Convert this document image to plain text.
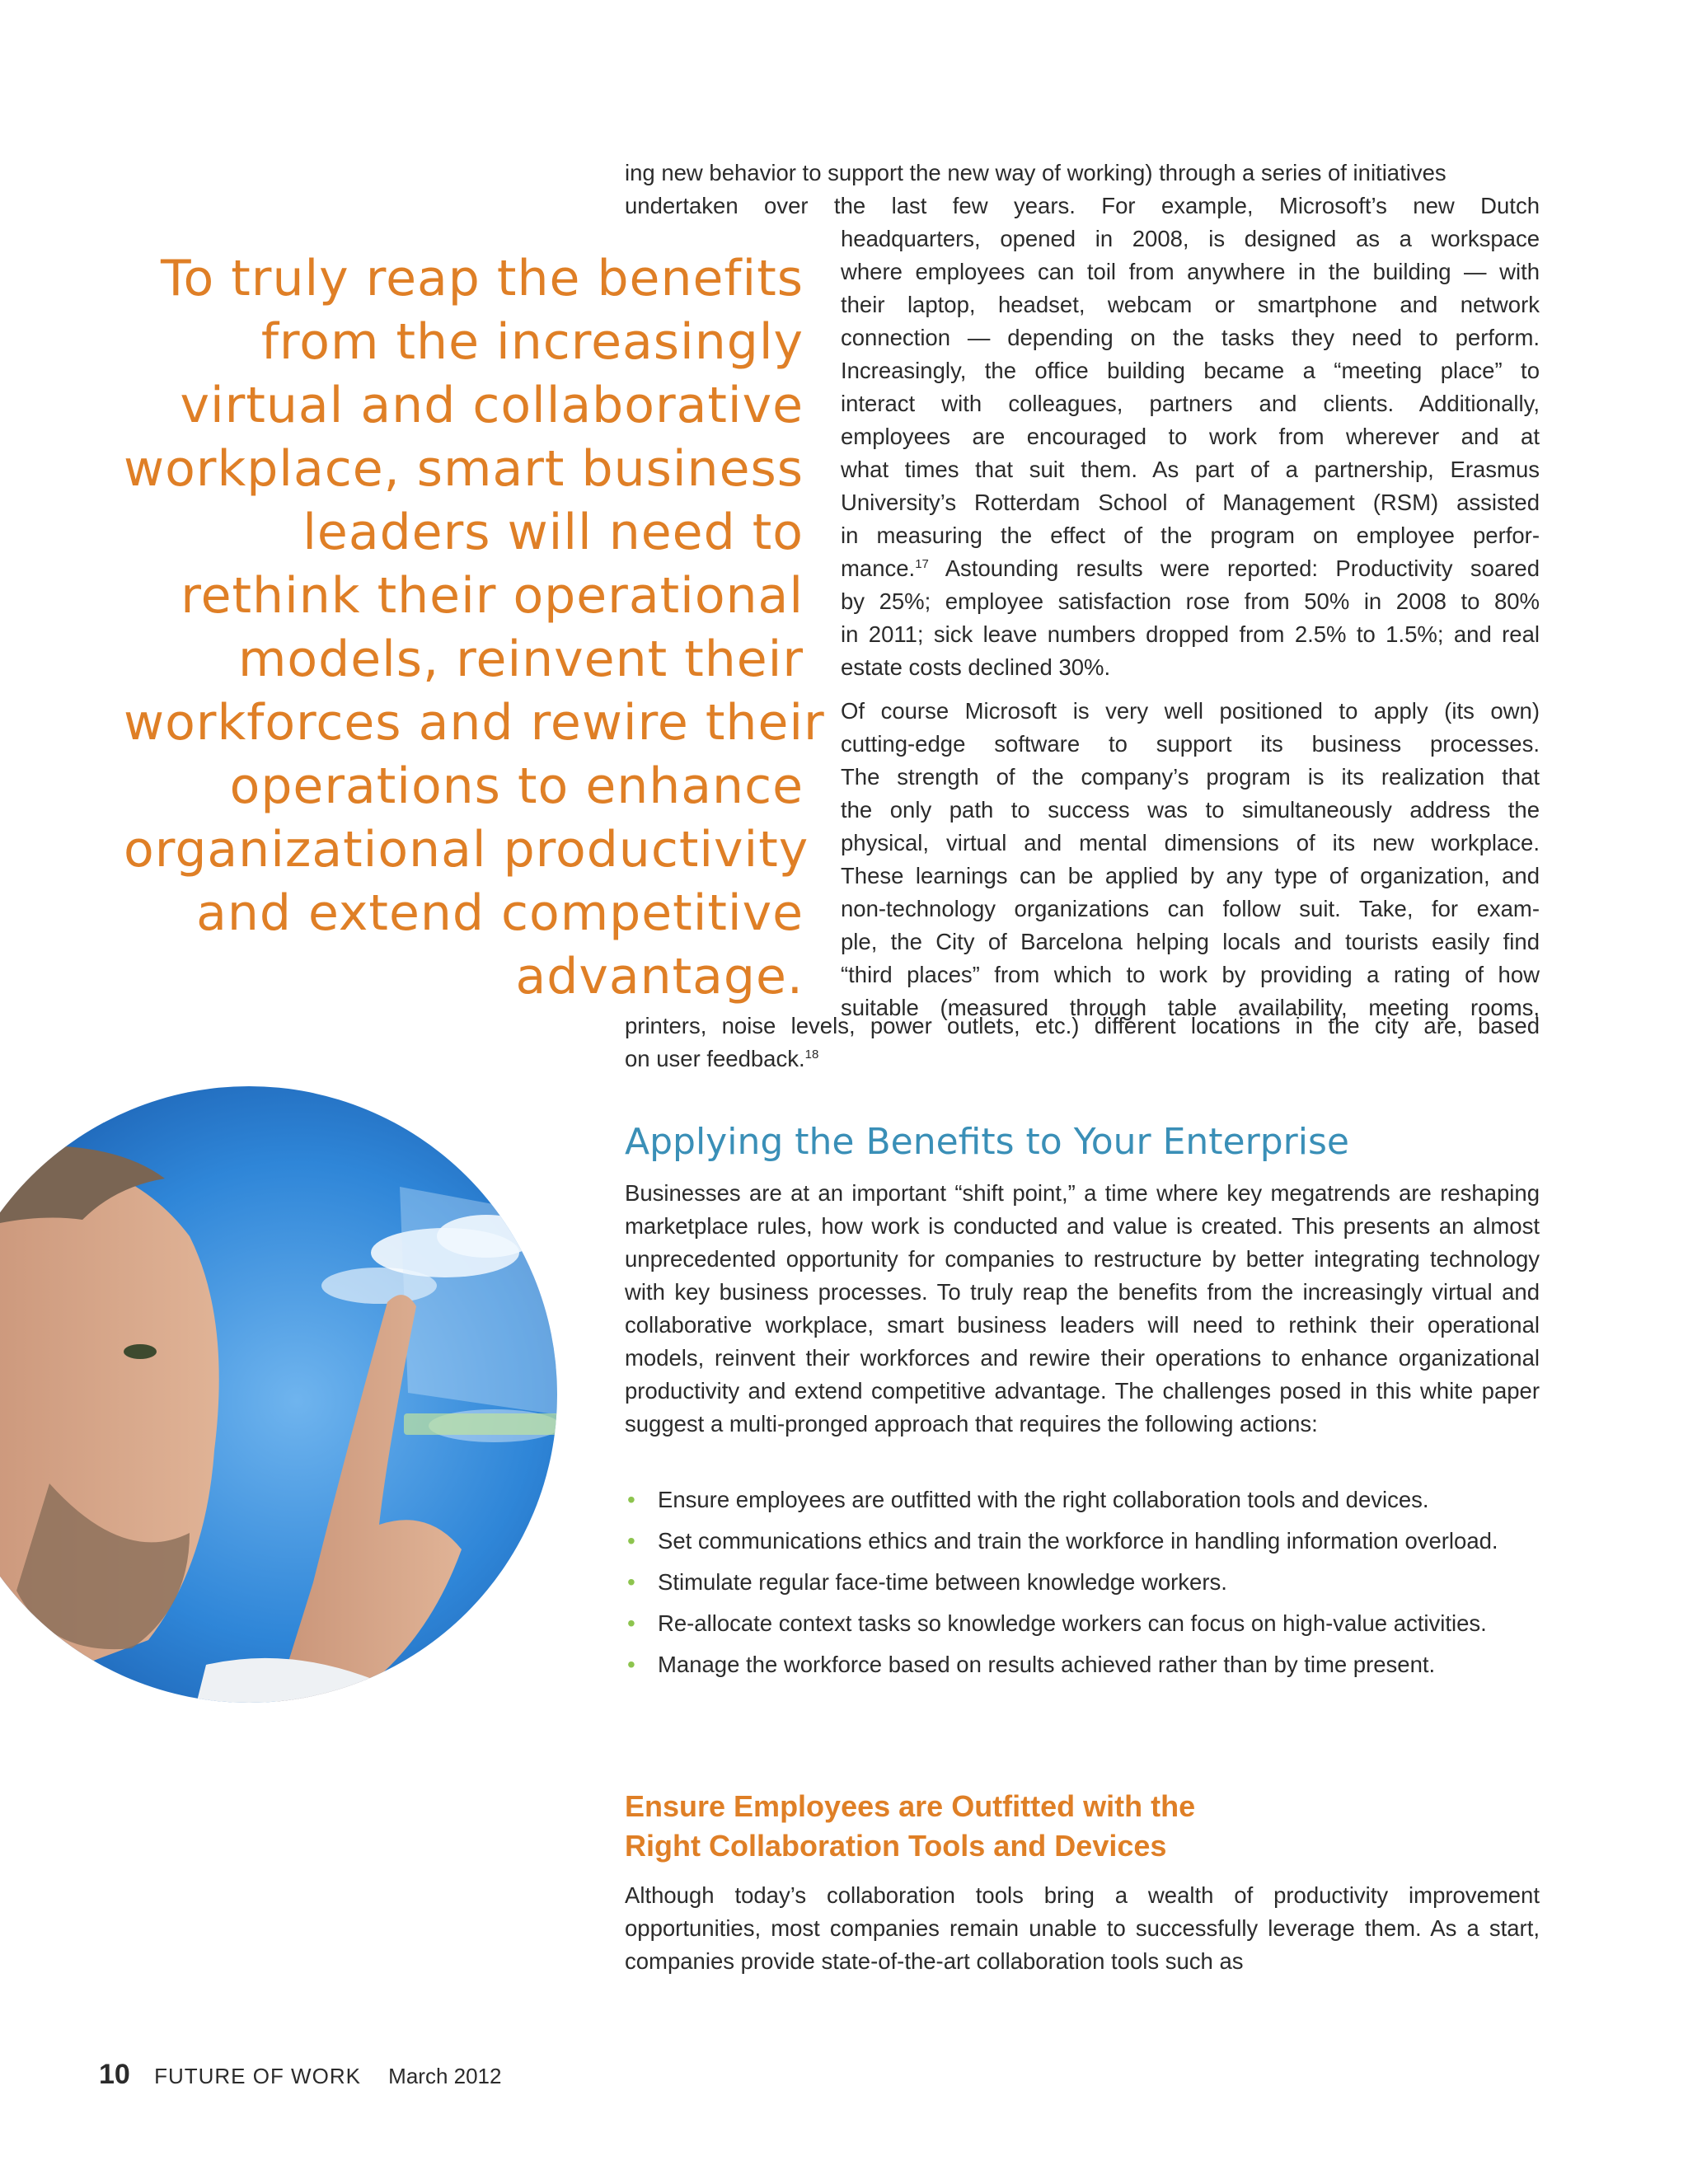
To truly reap the benefits
from the increasingly
virtual and collaborative
workplace, smart business
leaders will need to
rethink their operational
models, reinvent their
workforces and rewire their
operations to enhance
organizational productivity
and extend competitive
advantage.

ing new behavior to support the new way of working) through a series of initiatives

undertaken over the last few years. For example, Microsoft’s new Dutch

headquarters, opened in 2008, is designed as a workspace
where employees can toil from anywhere in the building — with
their laptop, headset, webcam or smartphone and network
connection — depending on the tasks they need to perform.
Increasingly, the office building became a “meeting place” to
interact with colleagues, partners and clients. Additionally,
employees are encouraged to work from wherever and at
what times that suit them. As part of a partnership, Erasmus
University’s Rotterdam School of Management (RSM) assisted
in measuring the effect of the program on employee perfor-
mance.$^{17}$ Astounding results were reported: Productivity soared
by 25%; employee satisfaction rose from 50% in 2008 to 80%
in 2011; sick leave numbers dropped from 2.5% to 1.5%; and real
estate costs declined 30%.

Of course Microsoft is very well positioned to apply (its own)
cutting-edge software to support its business processes.
The strength of the company’s program is its realization that
the only path to success was to simultaneously address the
physical, virtual and mental dimensions of its new workplace.
These learnings can be applied by any type of organization, and
non-technology organizations can follow suit. Take, for exam-
ple, the City of Barcelona helping locals and tourists easily find
“third places” from which to work by providing a rating of how
suitable (measured through table availability, meeting rooms,

printers, noise levels, power outlets, etc.) different locations in the city are, based

on user feedback.$^{18}$

Applying the Benefits to Your Enterprise

Businesses are at an important “shift point,” a time where key megatrends are reshaping marketplace rules, how work is conducted and value is created. This presents an almost unprecedented opportunity for companies to restructure by better integrating technology with key business processes. To truly reap the benefits from the increasingly virtual and collaborative workplace, smart business leaders will need to rethink their operational models, reinvent their workforces and rewire their operations to enhance organizational productivity and extend competitive advantage. The challenges posed in this white paper suggest a multi-pronged approach that requires the following actions:

• Ensure employees are outfitted with the right collaboration tools and devices.
• Set communications ethics and train the workforce in handling information overload.
• Stimulate regular face-time between knowledge workers.
• Re-allocate context tasks so knowledge workers can focus on high-value activities.
• Manage the workforce based on results achieved rather than by time present.
Ensure Employees are Outfitted with the
Right Collaboration Tools and Devices

Although today’s collaboration tools bring a wealth of productivity improvement opportunities, most companies remain unable to successfully leverage them. As a start, companies provide state-of-the-art collaboration tools such as

10 FUTURE OF WORK March 2012
